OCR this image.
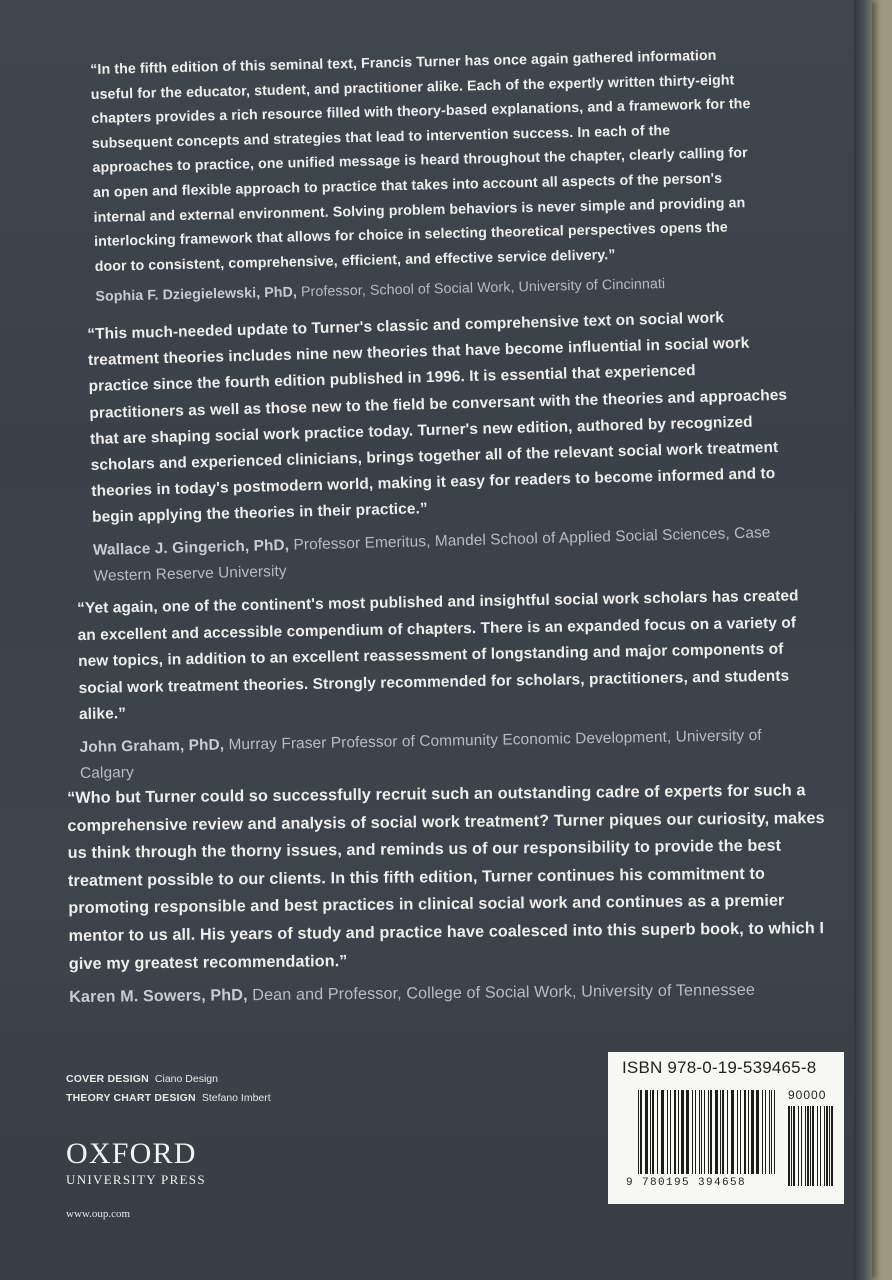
“In the fifth edition of this seminal text, Francis Turner has once again gathered information useful for the educator, student, and practitioner alike. Each of the expertly written thirty-eight chapters provides a rich resource filled with theory-based explanations, and a framework for the subsequent concepts and strategies that lead to intervention success. In each of the approaches to practice, one unified message is heard throughout the chapter, clearly calling for an open and flexible approach to practice that takes into account all aspects of the person's internal and external environment. Solving problem behaviors is never simple and providing an interlocking framework that allows for choice in selecting theoretical perspectives opens the door to consistent, comprehensive, efficient, and effective service delivery.”

Sophia F. Dziegielewski, PhD, Professor, School of Social Work, University of Cincinnati

“This much-needed update to Turner's classic and comprehensive text on social work treatment theories includes nine new theories that have become influential in social work practice since the fourth edition published in 1996. It is essential that experienced practitioners as well as those new to the field be conversant with the theories and approaches that are shaping social work practice today. Turner's new edition, authored by recognized scholars and experienced clinicians, brings together all of the relevant social work treatment theories in today's postmodern world, making it easy for readers to become informed and to begin applying the theories in their practice.”

Wallace J. Gingerich, PhD, Professor Emeritus, Mandel School of Applied Social Sciences, Case Western Reserve University

“Yet again, one of the continent's most published and insightful social work scholars has created an excellent and accessible compendium of chapters. There is an expanded focus on a variety of new topics, in addition to an excellent reassessment of longstanding and major components of social work treatment theories. Strongly recommended for scholars, practitioners, and students alike.”

John Graham, PhD, Murray Fraser Professor of Community Economic Development, University of Calgary

“Who but Turner could so successfully recruit such an outstanding cadre of experts for such a comprehensive review and analysis of social work treatment? Turner piques our curiosity, makes us think through the thorny issues, and reminds us of our responsibility to provide the best treatment possible to our clients. In this fifth edition, Turner continues his commitment to promoting responsible and best practices in clinical social work and continues as a premier mentor to us all. His years of study and practice have coalesced into this superb book, to which I give my greatest recommendation.”

Karen M. Sowers, PhD, Dean and Professor, College of Social Work, University of Tennessee

COVER DESIGN Ciano Design
THEORY CHART DESIGN Stefano Imbert
OXFORD
UNIVERSITY PRESS
www.oup.com
ISBN 978-0-19-539465-8
90000
9 780195 394658
